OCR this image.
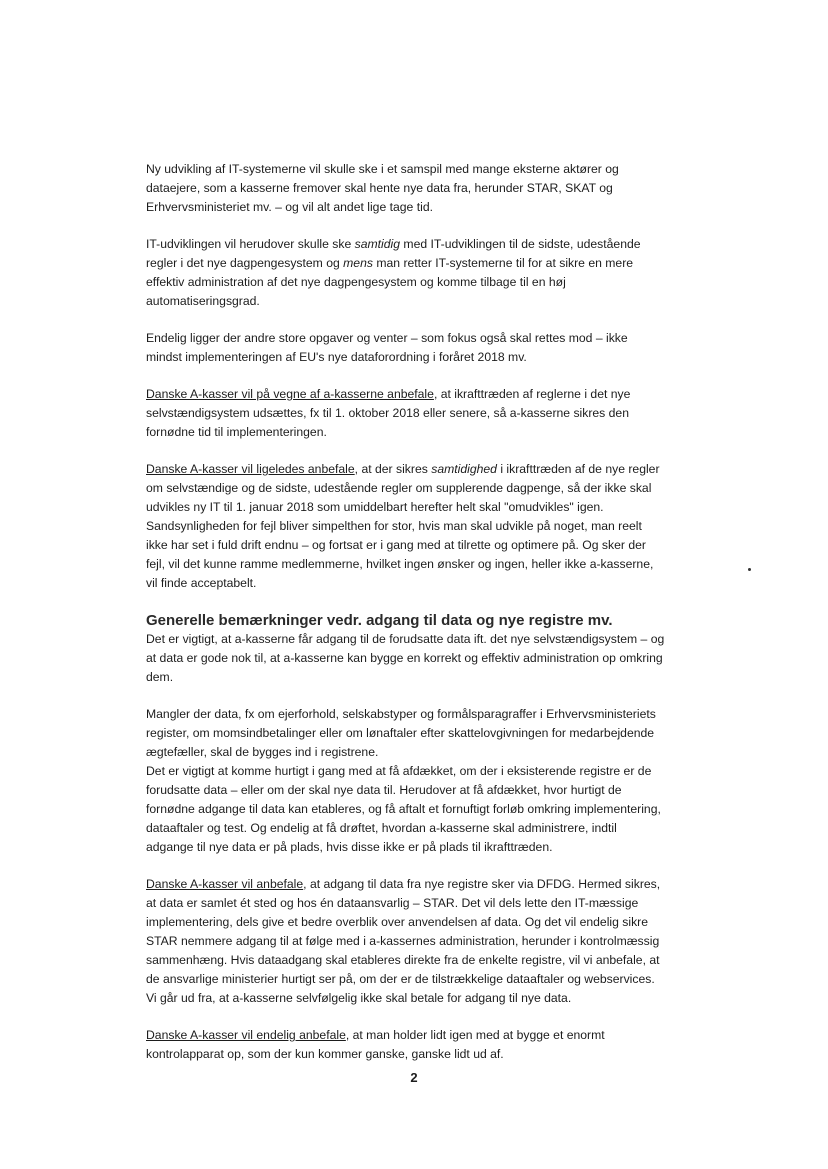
Ny udvikling af IT-systemerne vil skulle ske i et samspil med mange eksterne aktører og dataejere, som a kasserne fremover skal hente nye data fra, herunder STAR, SKAT og Erhvervsministeriet mv. – og vil alt andet lige tage tid.

IT-udviklingen vil herudover skulle ske samtidig med IT-udviklingen til de sidste, udestående regler i det nye dagpengesystem og mens man retter IT-systemerne til for at sikre en mere effektiv administration af det nye dagpengesystem og komme tilbage til en høj automatiseringsgrad.

Endelig ligger der andre store opgaver og venter – som fokus også skal rettes mod – ikke mindst implementeringen af EU's nye dataforordning i foråret 2018 mv.

Danske A-kasser vil på vegne af a-kasserne anbefale, at ikrafttræden af reglerne i det nye selvstændigsystem udsættes, fx til 1. oktober 2018 eller senere, så a-kasserne sikres den fornødne tid til implementeringen.

Danske A-kasser vil ligeledes anbefale, at der sikres samtidighed i ikrafttræden af de nye regler om selvstændige og de sidste, udestående regler om supplerende dagpenge, så der ikke skal udvikles ny IT til 1. januar 2018 som umiddelbart herefter helt skal "omudvikles" igen. Sandsynligheden for fejl bliver simpelthen for stor, hvis man skal udvikle på noget, man reelt ikke har set i fuld drift endnu – og fortsat er i gang med at tilrette og optimere på. Og sker der fejl, vil det kunne ramme medlemmerne, hvilket ingen ønsker og ingen, heller ikke a-kasserne, vil finde acceptabelt.

Generelle bemærkninger vedr. adgang til data og nye registre mv.

Det er vigtigt, at a-kasserne får adgang til de forudsatte data ift. det nye selvstændigsystem – og at data er gode nok til, at a-kasserne kan bygge en korrekt og effektiv administration op omkring dem.

Mangler der data, fx om ejerforhold, selskabstyper og formålsparagraffer i Erhvervsministeriets register, om momsindbetalinger eller om lønaftaler efter skattelovgivningen for medarbejdende ægtefæller, skal de bygges ind i registrene.

Det er vigtigt at komme hurtigt i gang med at få afdækket, om der i eksisterende registre er de forudsatte data – eller om der skal nye data til. Herudover at få afdækket, hvor hurtigt de fornødne adgange til data kan etableres, og få aftalt et fornuftigt forløb omkring implementering, dataaftaler og test. Og endelig at få drøftet, hvordan a-kasserne skal administrere, indtil adgange til nye data er på plads, hvis disse ikke er på plads til ikrafttræden.

Danske A-kasser vil anbefale, at adgang til data fra nye registre sker via DFDG. Hermed sikres, at data er samlet ét sted og hos én dataansvarlig – STAR. Det vil dels lette den IT-mæssige implementering, dels give et bedre overblik over anvendelsen af data. Og det vil endelig sikre STAR nemmere adgang til at følge med i a-kassernes administration, herunder i kontrolmæssig sammenhæng. Hvis dataadgang skal etableres direkte fra de enkelte registre, vil vi anbefale, at de ansvarlige ministerier hurtigt ser på, om der er de tilstrækkelige dataaftaler og webservices. Vi går ud fra, at a-kasserne selvfølgelig ikke skal betale for adgang til nye data.

Danske A-kasser vil endelig anbefale, at man holder lidt igen med at bygge et enormt kontrolapparat op, som der kun kommer ganske, ganske lidt ud af.

2
